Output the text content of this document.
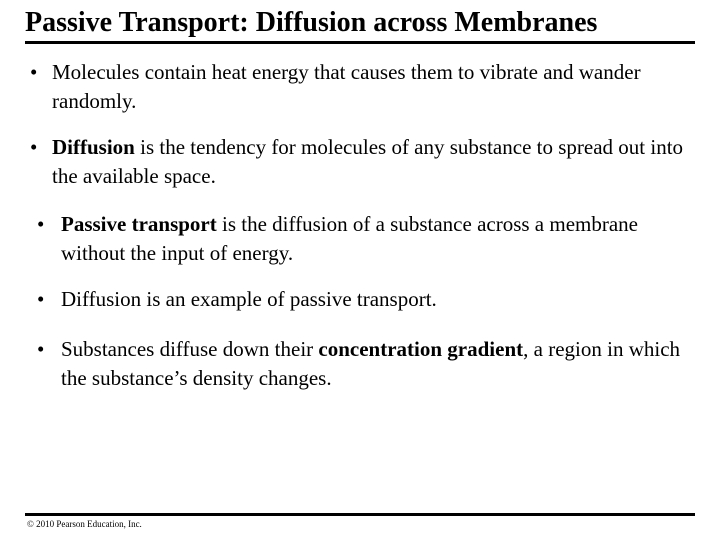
Passive Transport: Diffusion across Membranes
• Molecules contain heat energy that causes them to vibrate and wander randomly.
• Diffusion is the tendency for molecules of any substance to spread out into the available space.
• Passive transport is the diffusion of a substance across a membrane without the input of energy.
• Diffusion is an example of passive transport.
• Substances diffuse down their concentration gradient, a region in which the substance’s density changes.
© 2010 Pearson Education, Inc.
